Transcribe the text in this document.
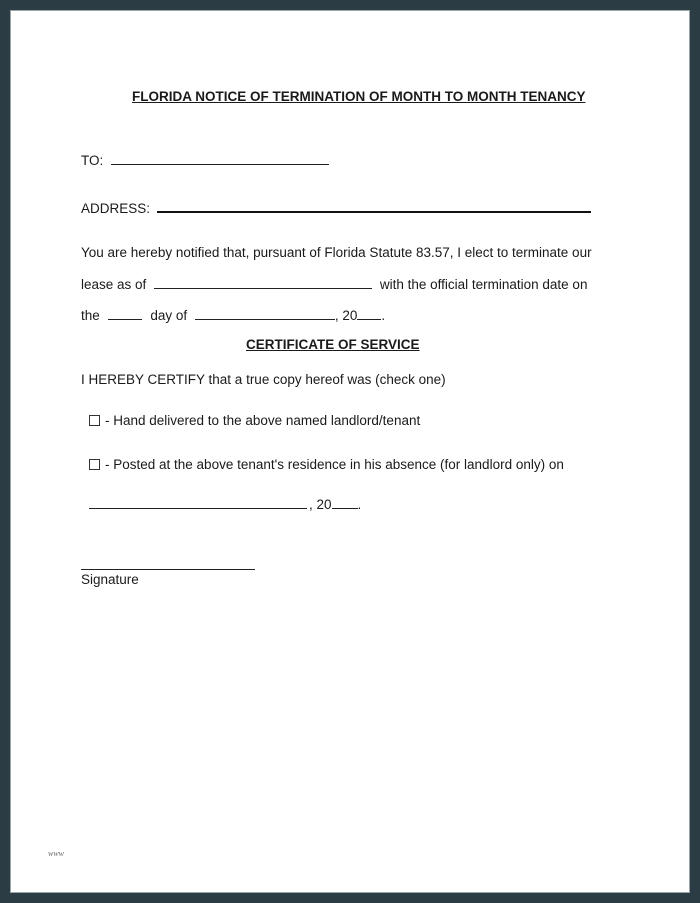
FLORIDA NOTICE OF TERMINATION OF MONTH TO MONTH TENANCY
TO:
ADDRESS:
You are hereby notified that, pursuant of Florida Statute 83.57, I elect to terminate our
lease as of	with the official termination date on
the	day of	, 20 .
CERTIFICATE OF SERVICE
I HEREBY CERTIFY that a true copy hereof was (check one)
- Hand delivered to the above named landlord/tenant
- Posted at the above tenant's residence in his absence (for landlord only) on
, 20 .
Signature
www
